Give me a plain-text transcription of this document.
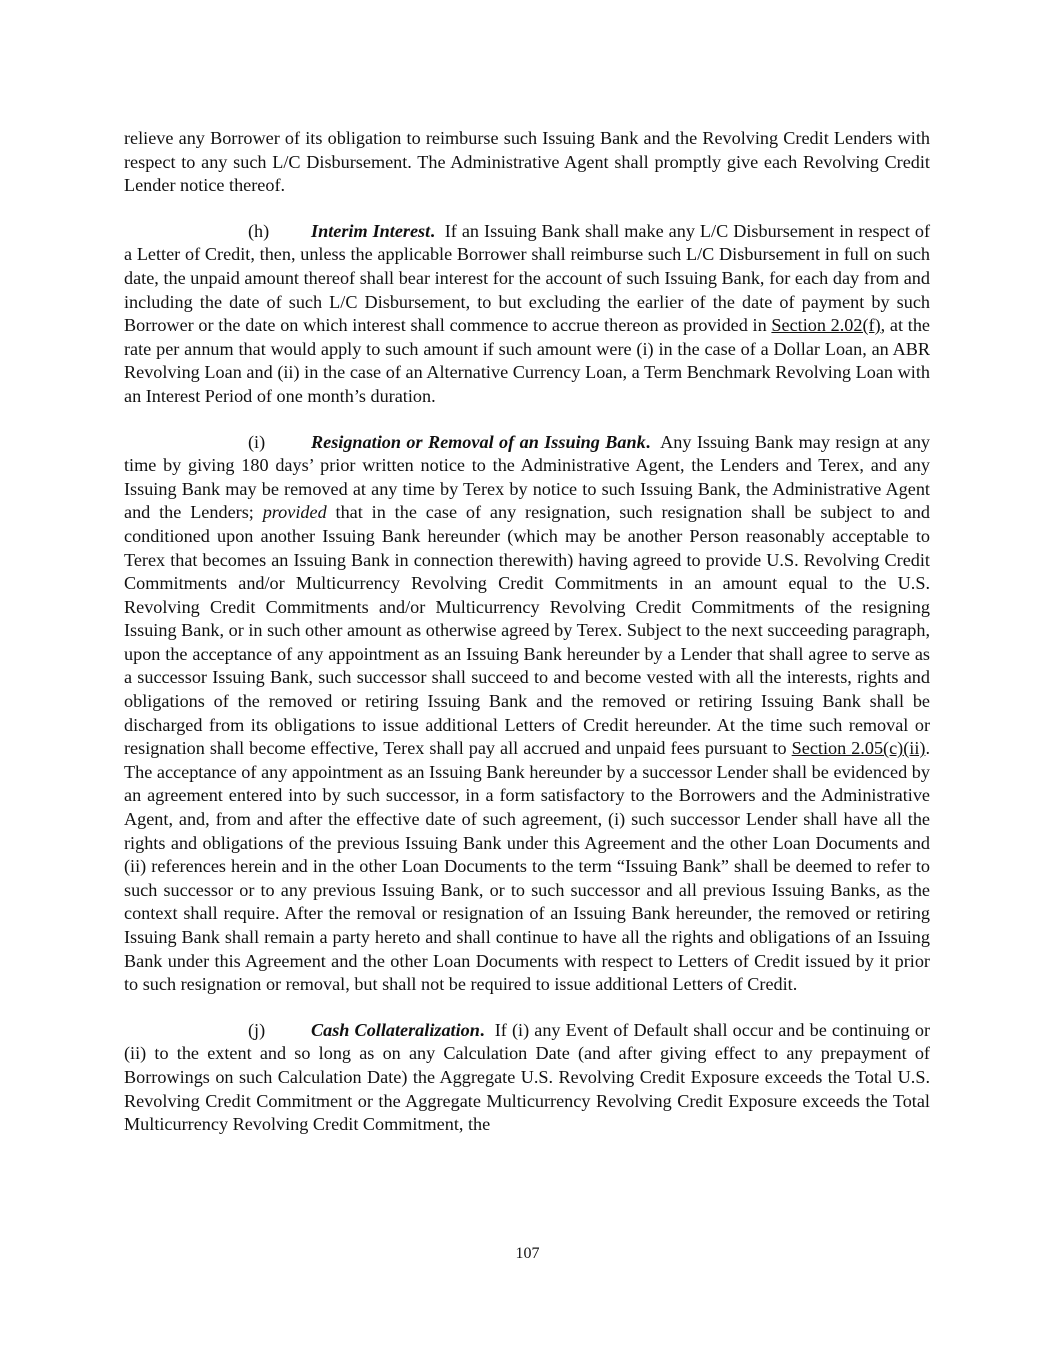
relieve any Borrower of its obligation to reimburse such Issuing Bank and the Revolving Credit Lenders with respect to any such L/C Disbursement. The Administrative Agent shall promptly give each Revolving Credit Lender notice thereof.

(h) Interim Interest. If an Issuing Bank shall make any L/C Disbursement in respect of a Letter of Credit, then, unless the applicable Borrower shall reimburse such L/C Disbursement in full on such date, the unpaid amount thereof shall bear interest for the account of such Issuing Bank, for each day from and including the date of such L/C Disbursement, to but excluding the earlier of the date of payment by such Borrower or the date on which interest shall commence to accrue thereon as provided in Section 2.02(f), at the rate per annum that would apply to such amount if such amount were (i) in the case of a Dollar Loan, an ABR Revolving Loan and (ii) in the case of an Alternative Currency Loan, a Term Benchmark Revolving Loan with an Interest Period of one month’s duration.

(i)	Resignation or Removal of an Issuing Bank. Any Issuing Bank may resign at any time by giving 180 days’ prior written notice to the Administrative Agent, the Lenders and Terex, and any Issuing Bank may be removed at any time by Terex by notice to such Issuing Bank, the Administrative Agent and the Lenders; provided that in the case of any resignation, such resignation shall be subject to and conditioned upon another Issuing Bank hereunder (which may be another Person reasonably acceptable to Terex that becomes an Issuing Bank in connection therewith) having agreed to provide U.S. Revolving Credit Commitments and/or Multicurrency Revolving Credit Commitments in an amount equal to the U.S. Revolving Credit Commitments and/or Multicurrency Revolving Credit Commitments of the resigning Issuing Bank, or in such other amount as otherwise agreed by Terex. Subject to the next succeeding paragraph, upon the acceptance of any appointment as an Issuing Bank hereunder by a Lender that shall agree to serve as a successor Issuing Bank, such successor shall succeed to and become vested with all the interests, rights and obligations of the removed or retiring Issuing Bank and the removed or retiring Issuing Bank shall be discharged from its obligations to issue additional Letters of Credit hereunder. At the time such removal or resignation shall become effective, Terex shall pay all accrued and unpaid fees pursuant to Section 2.05(c)(ii). The acceptance of any appointment as an Issuing Bank hereunder by a successor Lender shall be evidenced by an agreement entered into by such successor, in a form satisfactory to the Borrowers and the Administrative Agent, and, from and after the effective date of such agreement, (i) such successor Lender shall have all the rights and obligations of the previous Issuing Bank under this Agreement and the other Loan Documents and (ii) references herein and in the other Loan Documents to the term “Issuing Bank” shall be deemed to refer to such successor or to any previous Issuing Bank, or to such successor and all previous Issuing Banks, as the context shall require. After the removal or resignation of an Issuing Bank hereunder, the removed or retiring Issuing Bank shall remain a party hereto and shall continue to have all the rights and obligations of an Issuing Bank under this Agreement and the other Loan Documents with respect to Letters of Credit issued by it prior to such resignation or removal, but shall not be required to issue additional Letters of Credit.

(j)	Cash Collateralization. If (i) any Event of Default shall occur and be continuing or (ii) to the extent and so long as on any Calculation Date (and after giving effect to any prepayment of Borrowings on such Calculation Date) the Aggregate U.S. Revolving Credit Exposure exceeds the Total U.S. Revolving Credit Commitment or the Aggregate Multicurrency Revolving Credit Exposure exceeds the Total Multicurrency Revolving Credit Commitment, the

107
